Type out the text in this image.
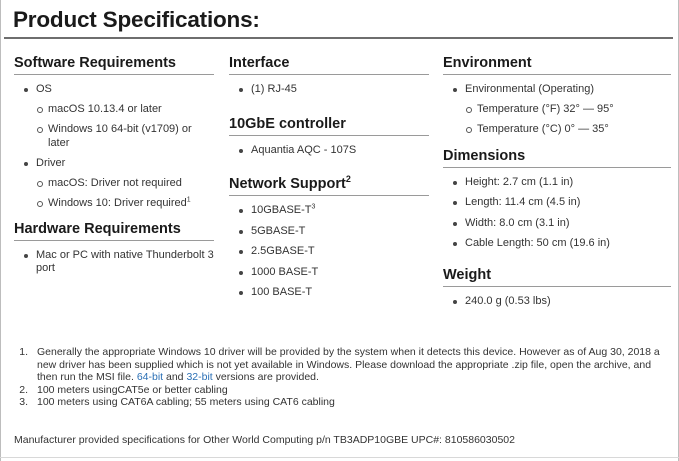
Product Specifications:
Software Requirements
OS
macOS 10.13.4 or later
Windows 10 64-bit (v1709) or later
Driver
macOS: Driver not required
Windows 10: Driver required$^1$
Hardware Requirements
Mac or PC with native Thunderbolt 3 port
Interface
(1) RJ-45
10GbE controller
Aquantia AQC - 107S
Network Support$^2$
$10GBASE-T^3$
5GBASE-T
2.5GBASE-T
1000 BASE-T
100 BASE-T
Environment
Environmental (Operating)
Temperature (°F) 32° — 95°
Temperature (°C) 0° — 35°
Dimensions
Height: 2.7 cm (1.1 in)
Length: 11.4 cm (4.5 in)
Width: 8.0 cm (3.1 in)
Cable Length: 50 cm (19.6 in)
Weight
240.0 g (0.53 lbs)
1. Generally the appropriate Windows 10 driver will be provided by the system when it detects this device. However as of Aug 30, 2018 a new driver has been supplied which is not yet available in Windows. Please download the appropriate .zip file, open the archive, and then run the MSI file. 64-bit and 32-bit versions are provided.
2. 100 meters usingCAT5e or better cabling
3. 100 meters using CAT6A cabling; 55 meters using CAT6 cabling
Manufacturer provided specifications for Other World Computing p/n TB3ADP10GBE UPC#: 810586030502
